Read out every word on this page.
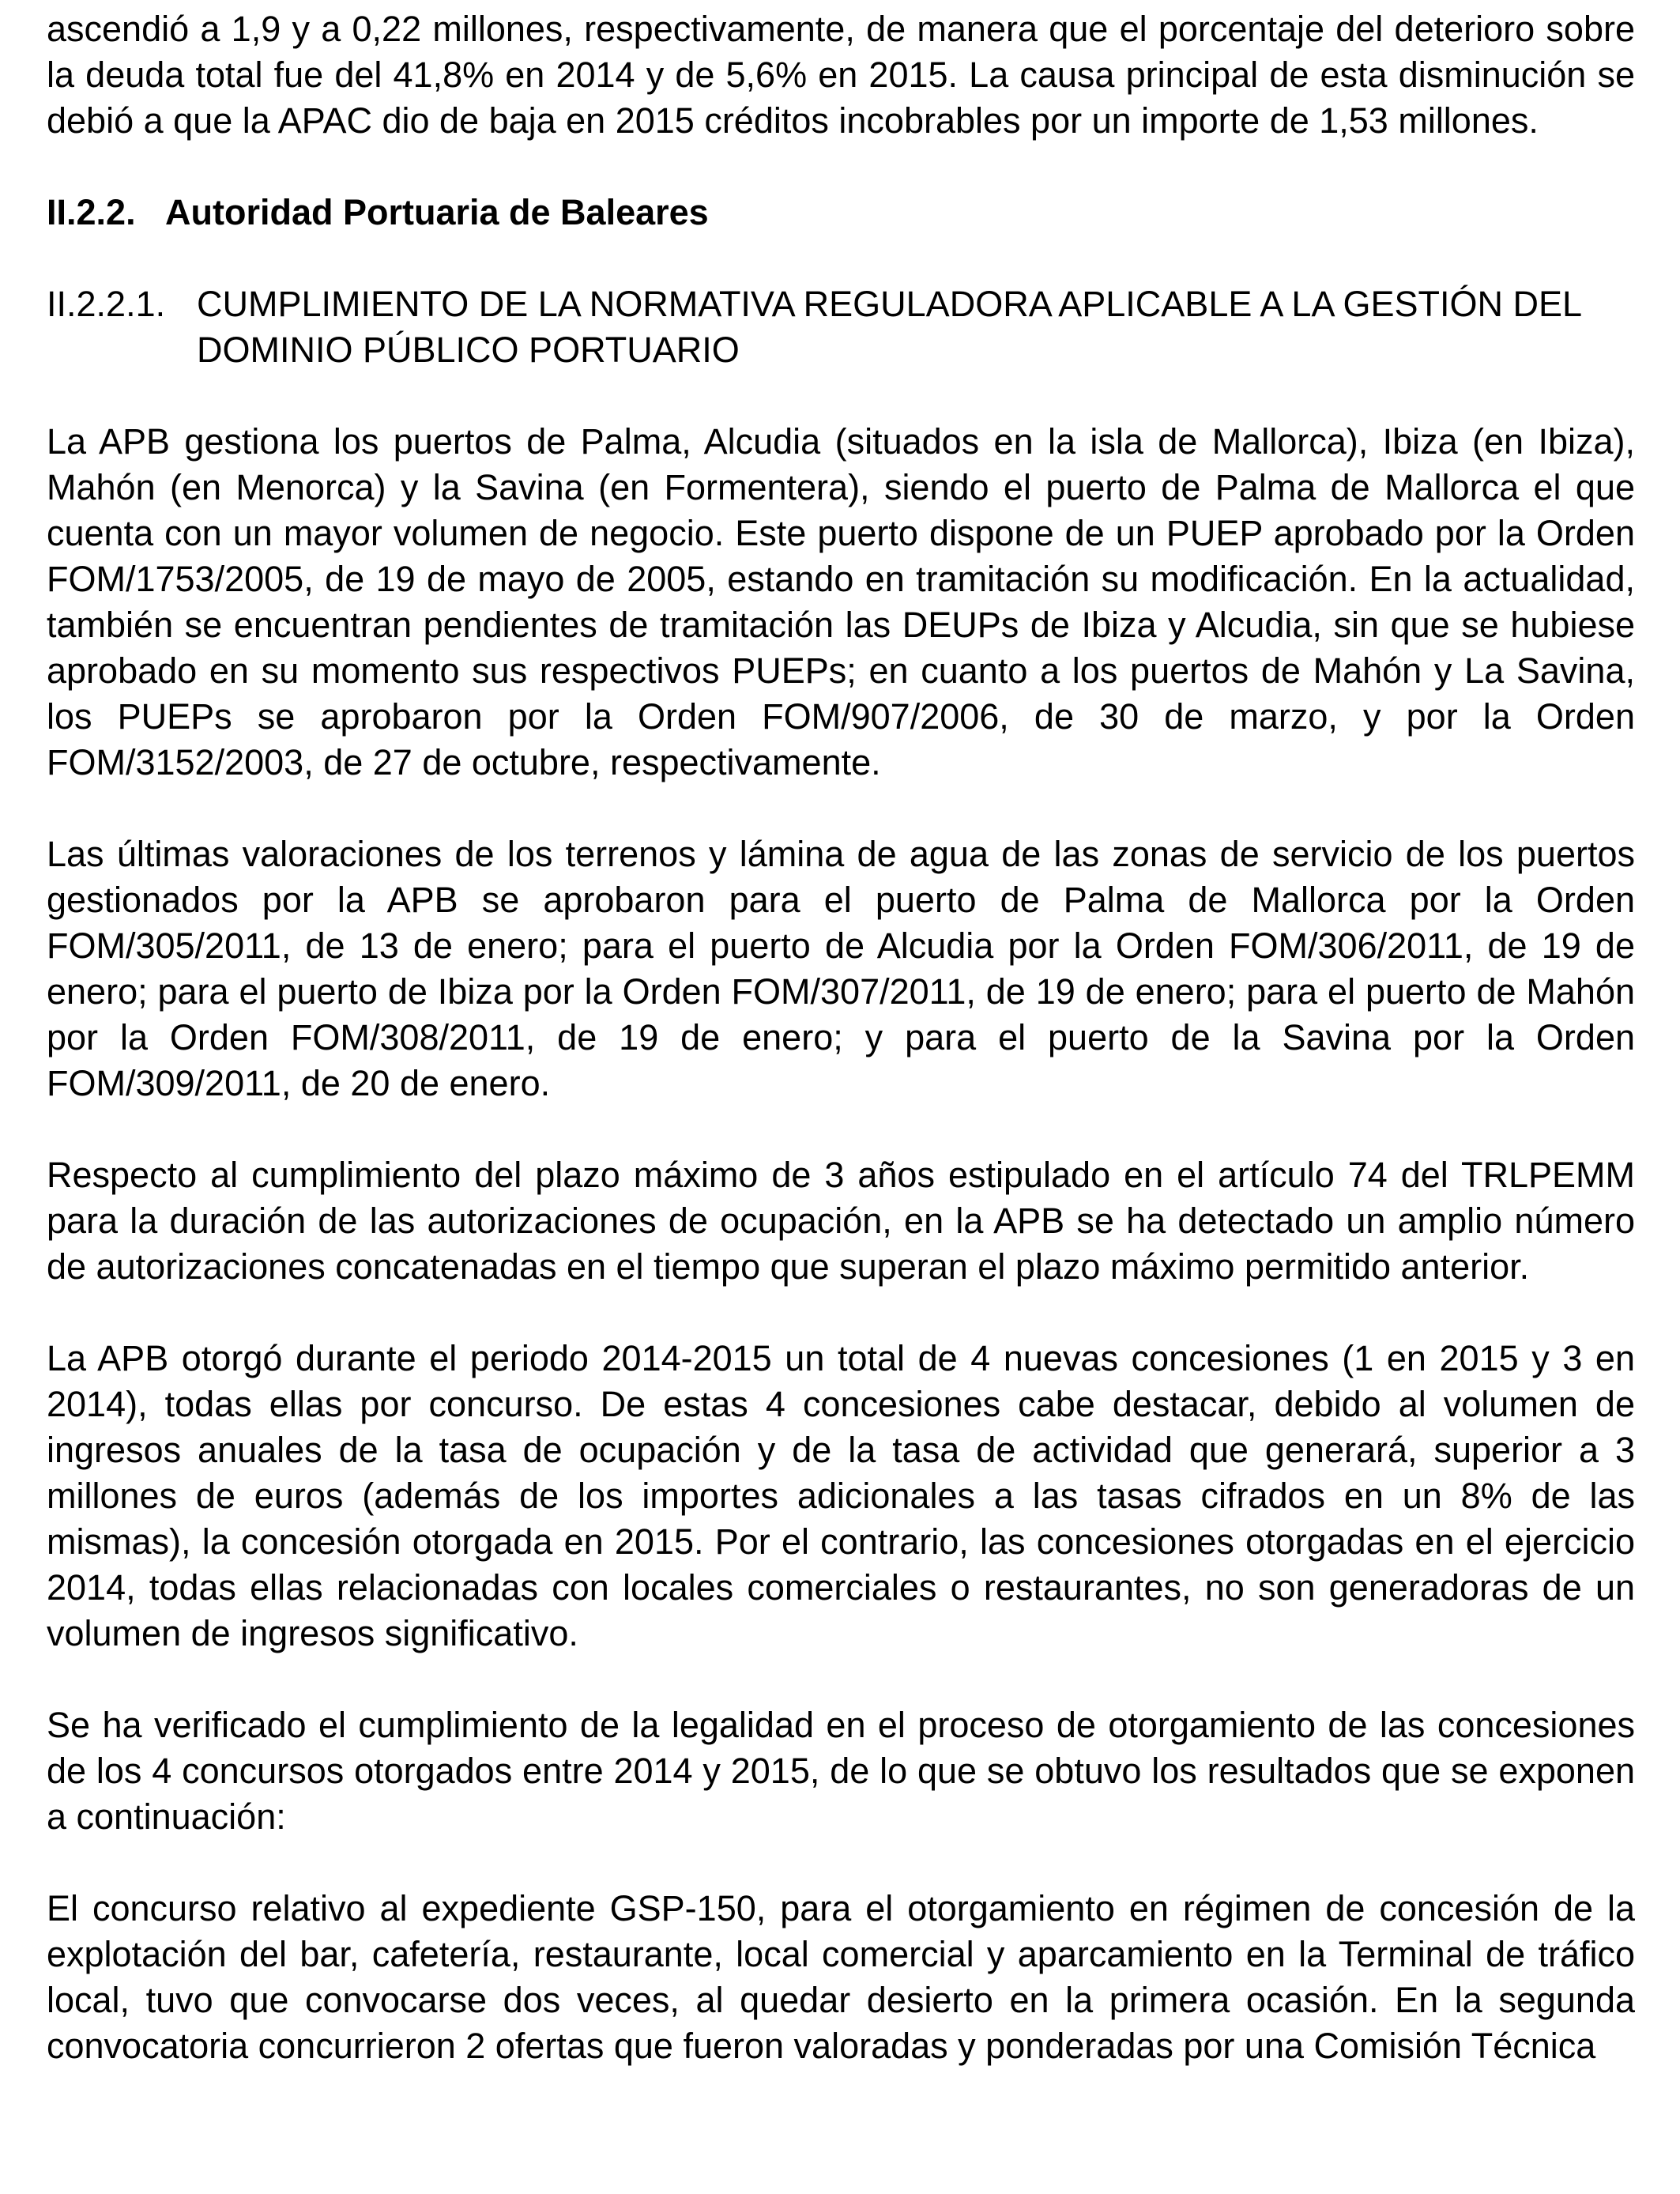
ascendió a 1,9 y a 0,22 millones, respectivamente, de manera que el porcentaje del deterioro sobre la deuda total fue del 41,8% en 2014 y de 5,6% en 2015. La causa principal de esta disminución se debió a que la APAC dio de baja en 2015 créditos incobrables por un importe de 1,53 millones.

II.2.2. Autoridad Portuaria de Baleares
II.2.2.1. CUMPLIMIENTO DE LA NORMATIVA REGULADORA APLICABLE A LA GESTIÓN DEL DOMINIO PÚBLICO PORTUARIO

La APB gestiona los puertos de Palma, Alcudia (situados en la isla de Mallorca), Ibiza (en Ibiza), Mahón (en Menorca) y la Savina (en Formentera), siendo el puerto de Palma de Mallorca el que cuenta con un mayor volumen de negocio. Este puerto dispone de un PUEP aprobado por la Orden FOM/1753/2005, de 19 de mayo de 2005, estando en tramitación su modificación. En la actualidad, también se encuentran pendientes de tramitación las DEUPs de Ibiza y Alcudia, sin que se hubiese aprobado en su momento sus respectivos PUEPs; en cuanto a los puertos de Mahón y La Savina, los PUEPs se aprobaron por la Orden FOM/907/2006, de 30 de marzo, y por la Orden FOM/3152/2003, de 27 de octubre, respectivamente.

Las últimas valoraciones de los terrenos y lámina de agua de las zonas de servicio de los puertos gestionados por la APB se aprobaron para el puerto de Palma de Mallorca por la Orden FOM/305/2011, de 13 de enero; para el puerto de Alcudia por la Orden FOM/306/2011, de 19 de enero; para el puerto de Ibiza por la Orden FOM/307/2011, de 19 de enero; para el puerto de Mahón por la Orden FOM/308/2011, de 19 de enero; y para el puerto de la Savina por la Orden FOM/309/2011, de 20 de enero.

Respecto al cumplimiento del plazo máximo de 3 años estipulado en el artículo 74 del TRLPEMM para la duración de las autorizaciones de ocupación, en la APB se ha detectado un amplio número de autorizaciones concatenadas en el tiempo que superan el plazo máximo permitido anterior.

La APB otorgó durante el periodo 2014-2015 un total de 4 nuevas concesiones (1 en 2015 y 3 en 2014), todas ellas por concurso. De estas 4 concesiones cabe destacar, debido al volumen de ingresos anuales de la tasa de ocupación y de la tasa de actividad que generará, superior a 3 millones de euros (además de los importes adicionales a las tasas cifrados en un 8% de las mismas), la concesión otorgada en 2015. Por el contrario, las concesiones otorgadas en el ejercicio 2014, todas ellas relacionadas con locales comerciales o restaurantes, no son generadoras de un volumen de ingresos significativo.

Se ha verificado el cumplimiento de la legalidad en el proceso de otorgamiento de las concesiones de los 4 concursos otorgados entre 2014 y 2015, de lo que se obtuvo los resultados que se exponen a continuación:

El concurso relativo al expediente GSP-150, para el otorgamiento en régimen de concesión de la explotación del bar, cafetería, restaurante, local comercial y aparcamiento en la Terminal de tráfico local, tuvo que convocarse dos veces, al quedar desierto en la primera ocasión. En la segunda convocatoria concurrieron 2 ofertas que fueron valoradas y ponderadas por una Comisión Técnica
